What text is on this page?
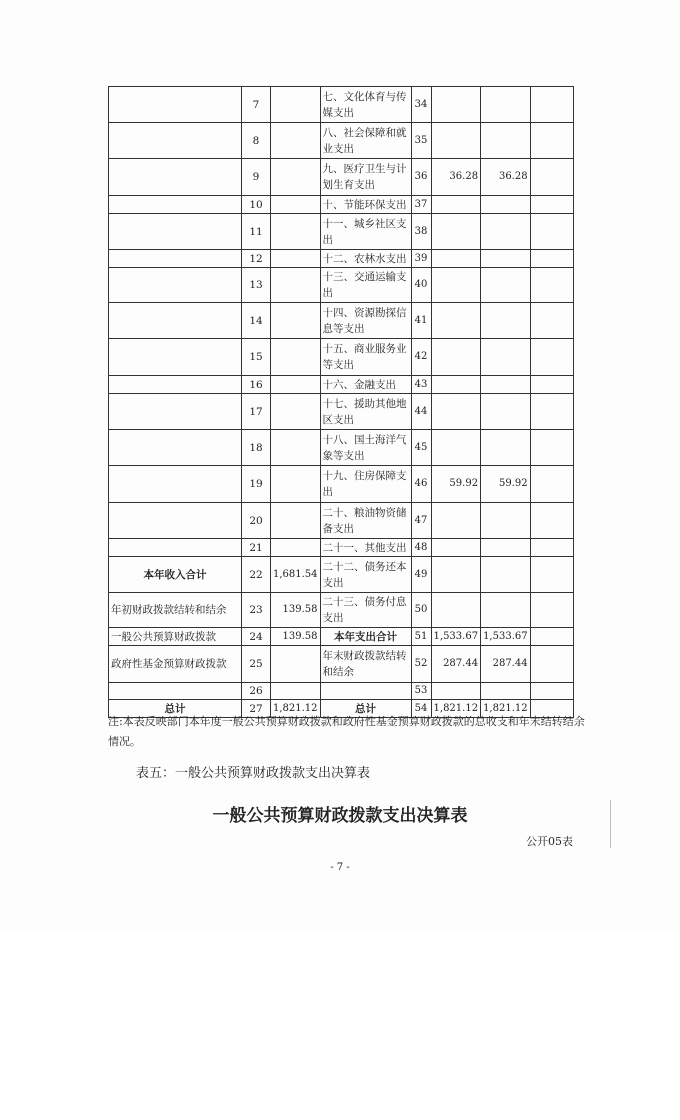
	7		七、文化体育与传媒支出	34			
	8		八、社会保障和就业支出	35			
	9		九、医疗卫生与计划生育支出	36	36.28	36.28	
	10		十、节能环保支出	37			
	11		十一、城乡社区支出	38			
	12		十二、农林水支出	39			
	13		十三、交通运输支出	40			
	14		十四、资源勘探信息等支出	41			
	15		十五、商业服务业等支出	42			
	16		十六、金融支出	43			
	17		十七、援助其他地区支出	44			
	18		十八、国土海洋气象等支出	45			
	19		十九、住房保障支出	46	59.92	59.92	
	20		二十、粮油物资储备支出	47			
	21		二十一、其他支出	48			
本年收入合计	22	1,681.54	二十二、债务还本支出	49			
年初财政拨款结转和结余	23	139.58	二十三、债务付息支出	50			
一般公共预算财政拨款	24	139.58	本年支出合计	51	1,533.67	1,533.67	
政府性基金预算财政拨款	25		年末财政拨款结转和结余	52	287.44	287.44	
	26			53			
总计	27	1,821.12	总计	54	1,821.12	1,821.12	
注:本表反映部门本年度一般公共预算财政拨款和政府性基金预算财政拨款的总收支和年末结转结余情况。
表五：一般公共预算财政拨款支出决算表
一般公共预算财政拨款支出决算表
公开05表
- 7 -
